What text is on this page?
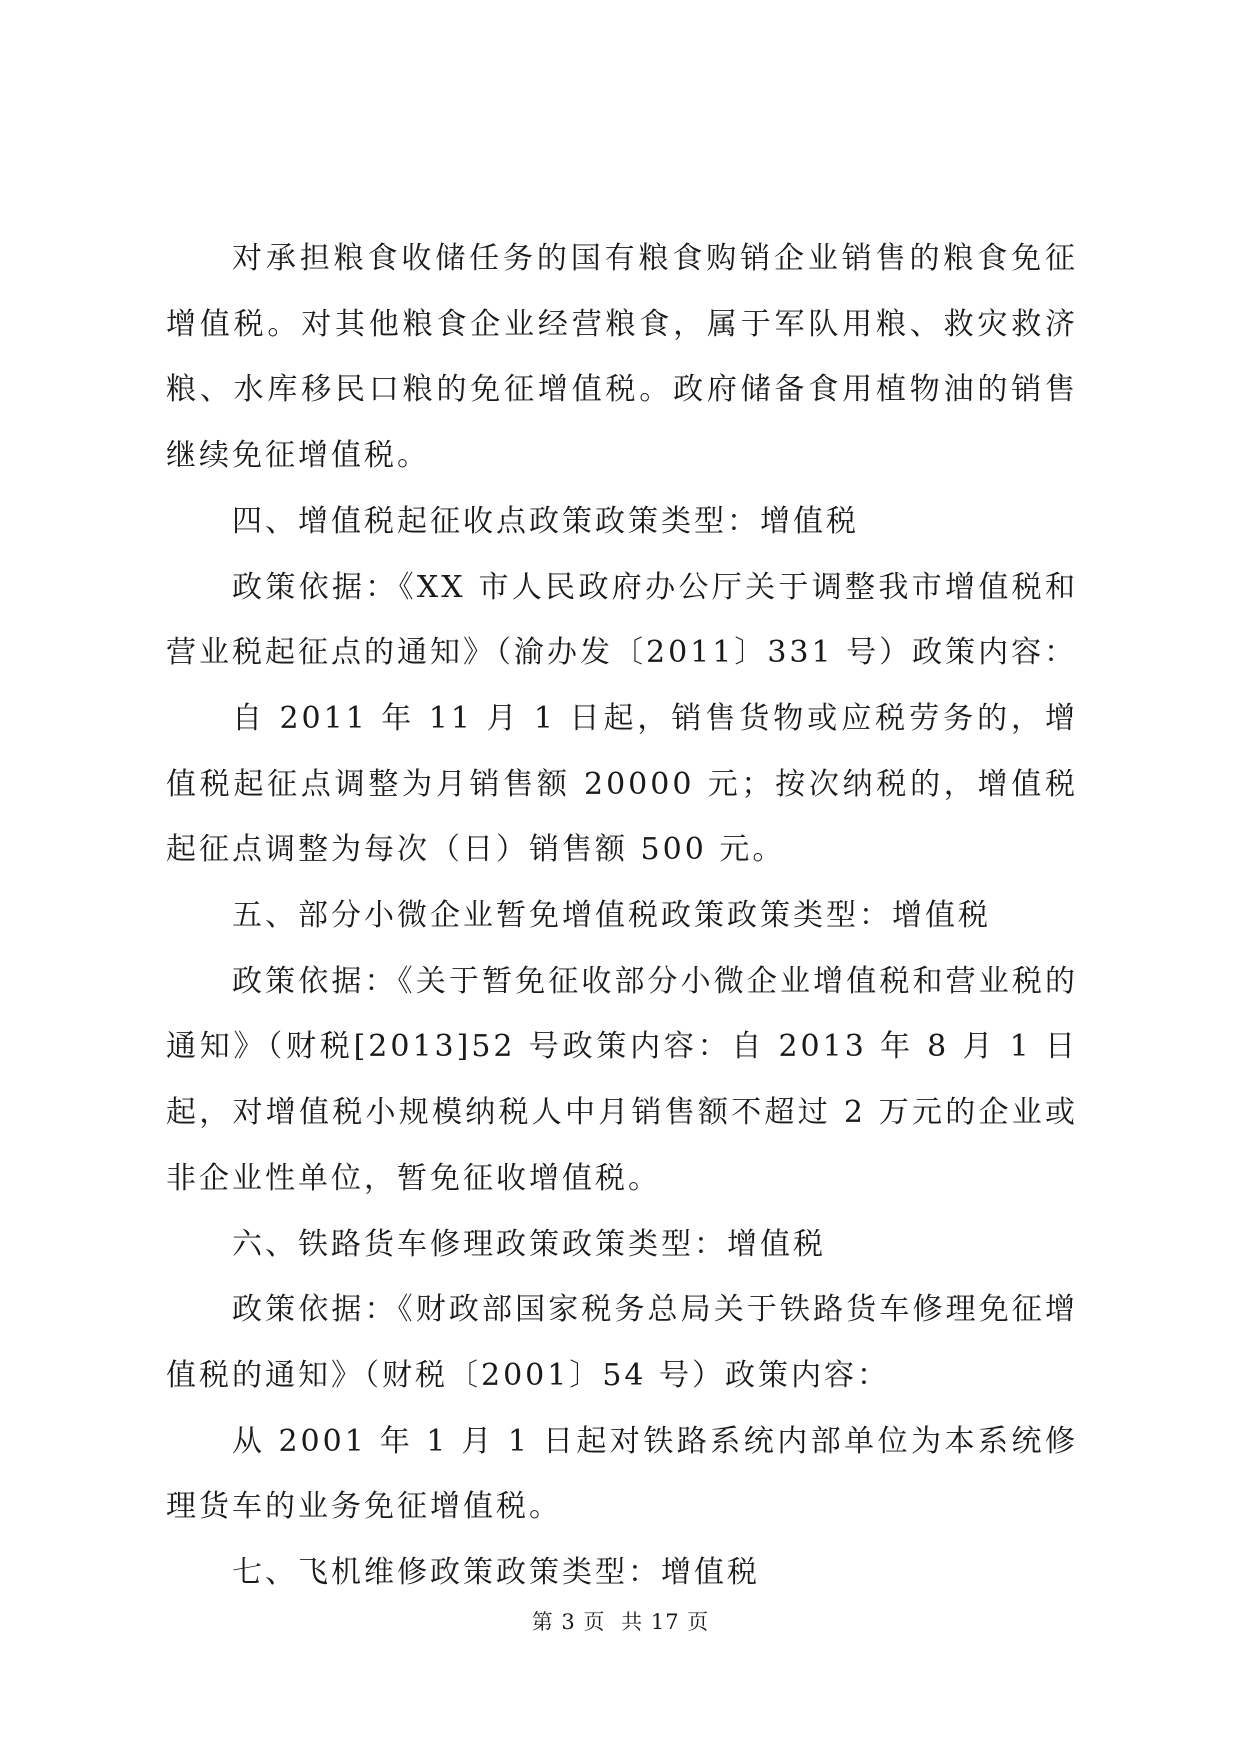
对承担粮食收储任务的国有粮食购销企业销售的粮食免征增值税。对其他粮食企业经营粮食，属于军队用粮、救灾救济粮、水库移民口粮的免征增值税。政府储备食用植物油的销售继续免征增值税。

四、增值税起征收点政策政策类型：增值税

政策依据：《XX 市人民政府办公厅关于调整我市增值税和营业税起征点的通知》（渝办发〔2011〕331 号）政策内容：

自 2011 年 11 月 1 日起，销售货物或应税劳务的，增值税起征点调整为月销售额 20000 元；按次纳税的，增值税起征点调整为每次（日）销售额 500 元。

五、部分小微企业暂免增值税政策政策类型：增值税

政策依据：《关于暂免征收部分小微企业增值税和营业税的通知》（财税[2013]52 号政策内容：自 2013 年 8 月 1 日起，对增值税小规模纳税人中月销售额不超过 2 万元的企业或非企业性单位，暂免征收增值税。

六、铁路货车修理政策政策类型：增值税

政策依据：《财政部国家税务总局关于铁路货车修理免征增值税的通知》（财税〔2001〕54 号）政策内容：

从 2001 年 1 月 1 日起对铁路系统内部单位为本系统修理货车的业务免征增值税。

七、飞机维修政策政策类型：增值税

第 3 页 共 17 页
